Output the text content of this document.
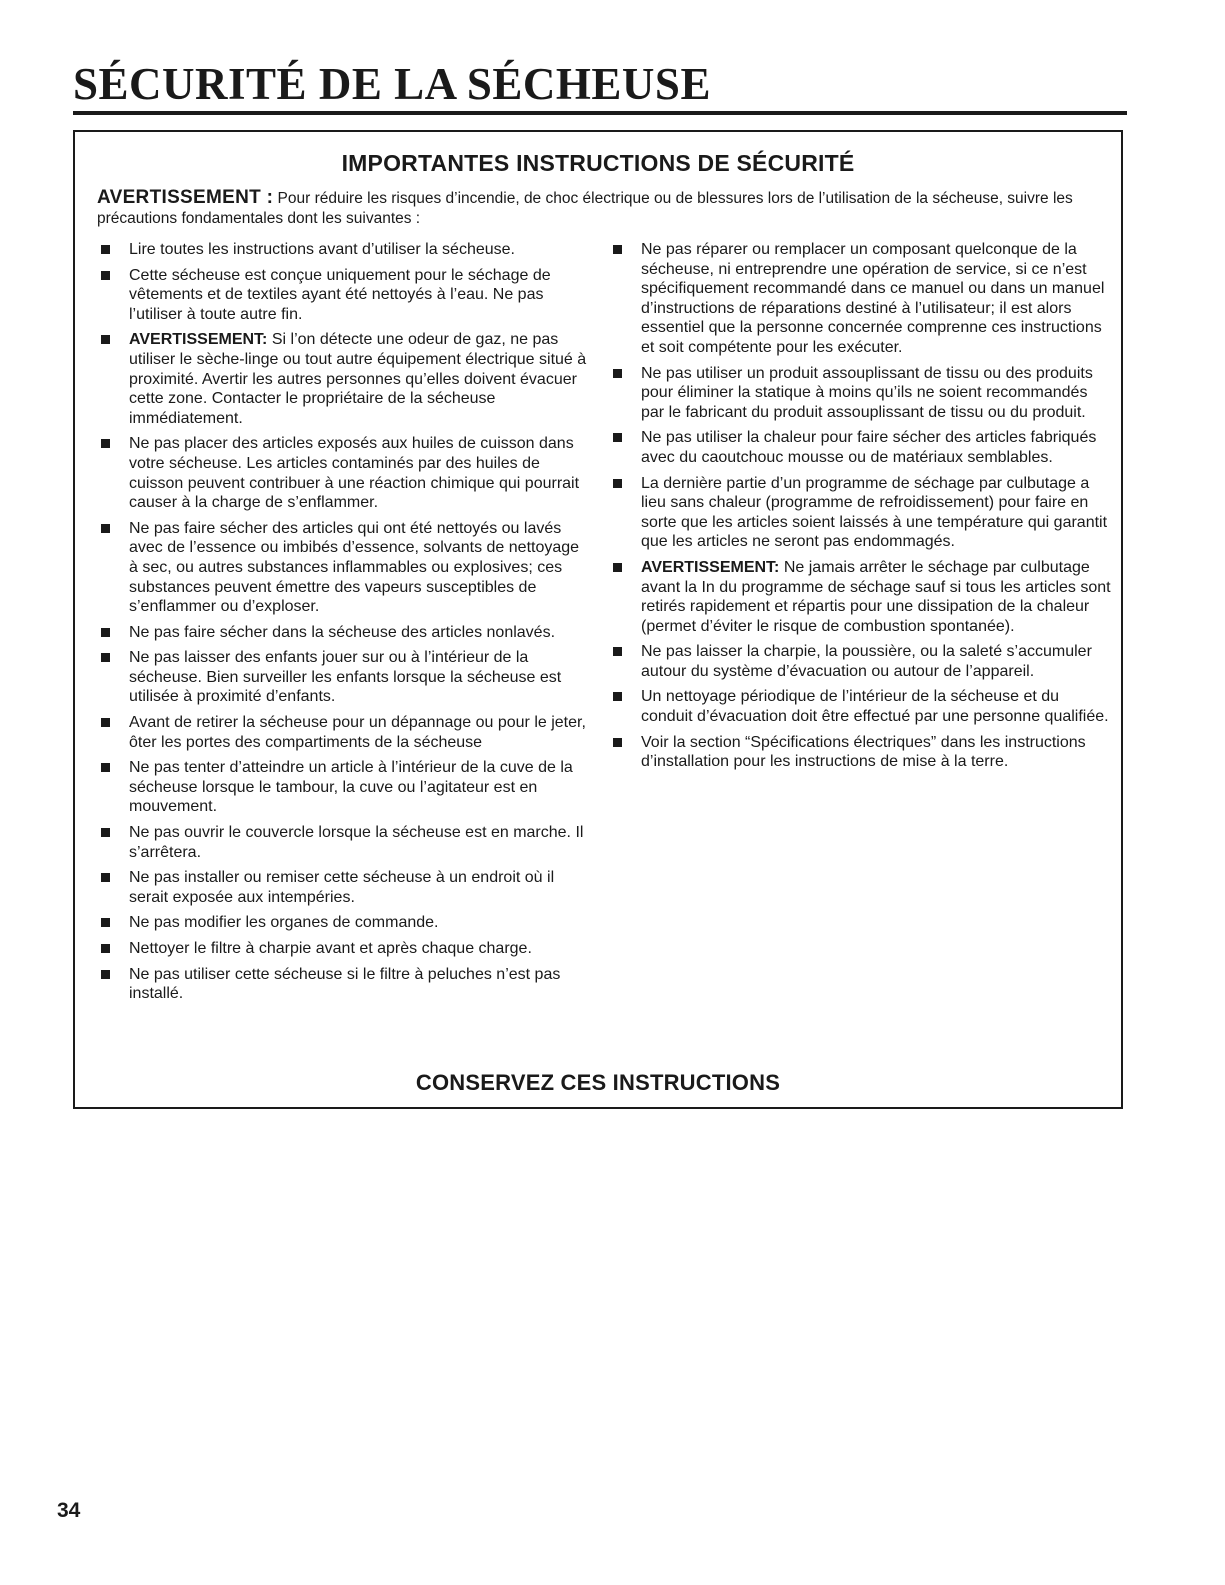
SÉCURITÉ DE LA SÉCHEUSE
IMPORTANTES INSTRUCTIONS DE SÉCURITÉ

AVERTISSEMENT : Pour réduire les risques d’incendie, de choc électrique ou de blessures lors de l’utilisation de la sécheuse, suivre les précautions fondamentales dont les suivantes :

Lire toutes les instructions avant d’utiliser la sécheuse.
Cette sécheuse est conçue uniquement pour le séchage de vêtements et de textiles ayant été nettoyés à l’eau. Ne pas l’utiliser à toute autre fin.
AVERTISSEMENT: Si l’on détecte une odeur de gaz, ne pas utiliser le sèche-linge ou tout autre équipement électrique situé à proximité. Avertir les autres personnes qu’elles doivent évacuer cette zone. Contacter le propriétaire de la sécheuse immédiatement.
Ne pas placer des articles exposés aux huiles de cuisson dans votre sécheuse. Les articles contaminés par des huiles de cuisson peuvent contribuer à une réaction chimique qui pourrait causer à la charge de s’enflammer.
Ne pas faire sécher des articles qui ont été nettoyés ou lavés avec de l’essence ou imbibés d’essence, solvants de nettoyage à sec, ou autres substances inflammables ou explosives; ces substances peuvent émettre des vapeurs susceptibles de s’enflammer ou d’exploser.
Ne pas faire sécher dans la sécheuse des articles nonlavés.
Ne pas laisser des enfants jouer sur ou à l’intérieur de la sécheuse. Bien surveiller les enfants lorsque la sécheuse est utilisée à proximité d’enfants.
Avant de retirer la sécheuse pour un dépannage ou pour le jeter, ôter les portes des compartiments de la sécheuse
Ne pas tenter d’atteindre un article à l’intérieur de la cuve de la sécheuse lorsque le tambour, la cuve ou l’agitateur est en mouvement.
Ne pas ouvrir le couvercle lorsque la sécheuse est en marche. Il s’arrêtera.
Ne pas installer ou remiser cette sécheuse à un endroit où il serait exposée aux intempéries.
Ne pas modifier les organes de commande.
Nettoyer le filtre à charpie avant et après chaque charge.
Ne pas utiliser cette sécheuse si le filtre à peluches n’est pas installé.
Ne pas réparer ou remplacer un composant quelconque de la sécheuse, ni entreprendre une opération de service, si ce n’est spécifiquement recommandé dans ce manuel ou dans un manuel d’instructions de réparations destiné à l’utilisateur; il est alors essentiel que la personne concernée comprenne ces instructions et soit compétente pour les exécuter.
Ne pas utiliser un produit assouplissant de tissu ou des produits pour éliminer la statique à moins qu’ils ne soient recommandés par le fabricant du produit assouplissant de tissu ou du produit.
Ne pas utiliser la chaleur pour faire sécher des articles fabriqués avec du caoutchouc mousse ou de matériaux semblables.
La dernière partie d’un programme de séchage par culbutage a lieu sans chaleur (programme de refroidissement) pour faire en sorte que les articles soient laissés à une température qui garantit que les articles ne seront pas endommagés.
AVERTISSEMENT: Ne jamais arrêter le séchage par culbutage avant la In du programme de séchage sauf si tous les articles sont retirés rapidement et répartis pour une dissipation de la chaleur (permet d’éviter le risque de combustion spontanée).
Ne pas laisser la charpie, la poussière, ou la saleté s’accumuler autour du système d’évacuation ou autour de l’appareil.
Un nettoyage périodique de l’intérieur de la sécheuse et du conduit d’évacuation doit être effectué par une personne qualifiée.
Voir la section “Spécifications électriques” dans les instructions d’installation pour les instructions de mise à la terre.
CONSERVEZ CES INSTRUCTIONS

34
